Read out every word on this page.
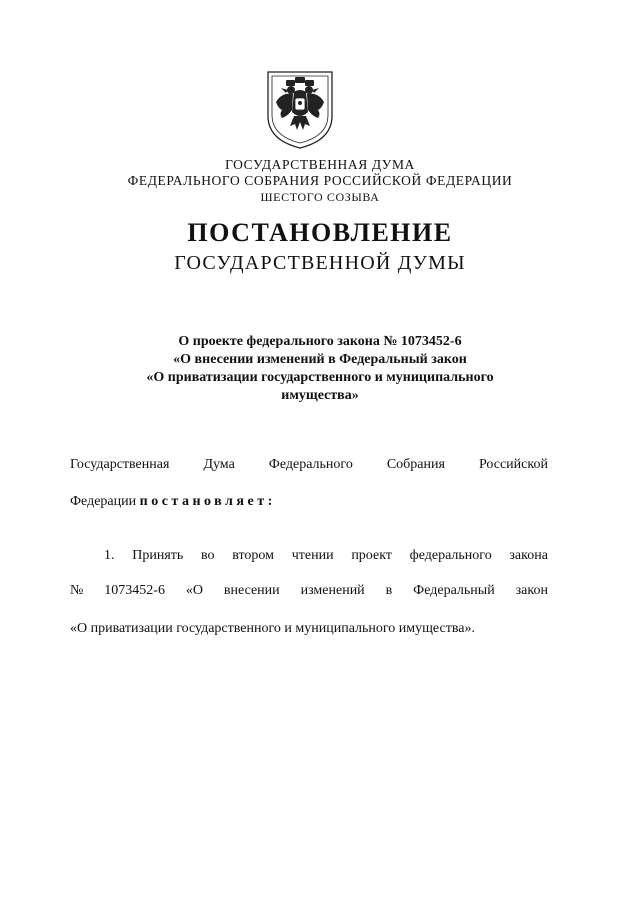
ГОСУДАРСТВЕННАЯ ДУМА
ФЕДЕРАЛЬНОГО СОБРАНИЯ РОССИЙСКОЙ ФЕДЕРАЦИИ
ШЕСТОГО СОЗЫВА
ПОСТАНОВЛЕНИЕ
ГОСУДАРСТВЕННОЙ ДУМЫ
О проекте федерального закона № 1073452-6
«О внесении изменений в Федеральный закон
«О приватизации государственного и муниципального
имущества»
Государственная Дума Федерального Собрания Российской
Федерации постановляет:
1. Принять во втором чтении проект федерального закона
№ 1073452-6 «О внесении изменений в Федеральный закон
«О приватизации государственного и муниципального имущества».
